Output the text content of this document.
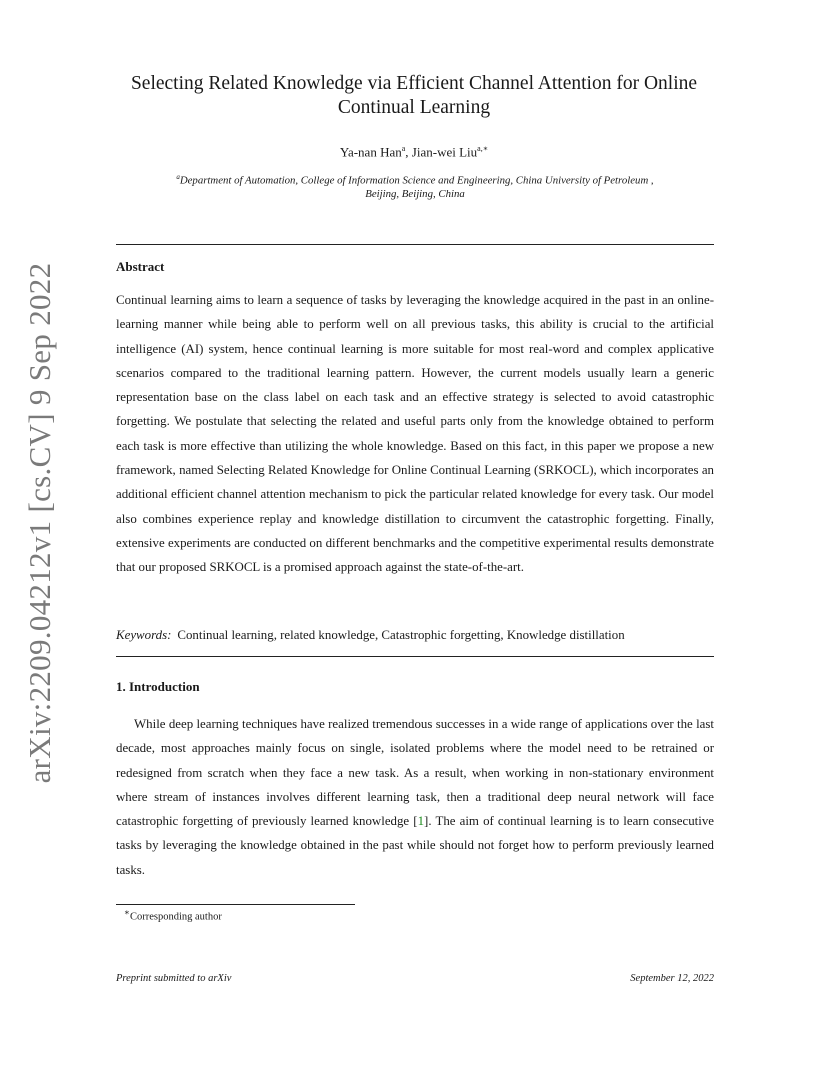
arXiv:2209.04212v1 [cs.CV] 9 Sep 2022
Selecting Related Knowledge via Efficient Channel Attention for Online
Continual Learning
Ya-nan Han$^a$, Jian-wei Liu$^{a,∗}$
$^a$Department of Automation, College of Information Science and Engineering, China University of Petroleum ,
Beijing, Beijing, China
Abstract
Continual learning aims to learn a sequence of tasks by leveraging the knowledge acquired in the past in an online-learning manner while being able to perform well on all previous tasks, this ability is crucial to the artificial intelligence (AI) system, hence continual learning is more suitable for most real-word and complex applicative scenarios compared to the traditional learning pattern. However, the current models usually learn a generic representation base on the class label on each task and an effective strategy is selected to avoid catastrophic forgetting. We postulate that selecting the related and useful parts only from the knowledge obtained to perform each task is more effective than utilizing the whole knowledge. Based on this fact, in this paper we propose a new framework, named Selecting Related Knowledge for Online Continual Learning (SRKOCL), which incorporates an additional efficient channel attention mechanism to pick the particular related knowledge for every task. Our model also combines experience replay and knowledge distillation to circumvent the catastrophic forgetting. Finally, extensive experiments are conducted on different benchmarks and the competitive experimental results demonstrate that our proposed SRKOCL is a promised approach against the state-of-the-art.
Keywords: Continual learning, related knowledge, Catastrophic forgetting, Knowledge distillation
1. Introduction
While deep learning techniques have realized tremendous successes in a wide range of applications over the last decade, most approaches mainly focus on single, isolated problems where the model need to be retrained or redesigned from scratch when they face a new task. As a result, when working in non-stationary environment where stream of instances involves different learning task, then a traditional deep neural network will face catastrophic forgetting of previously learned knowledge [1]. The aim of continual learning is to learn consecutive tasks by leveraging the knowledge obtained in the past while should not forget how to perform previously learned tasks.
∗Corresponding author
Preprint submitted to arXiv	September 12, 2022
